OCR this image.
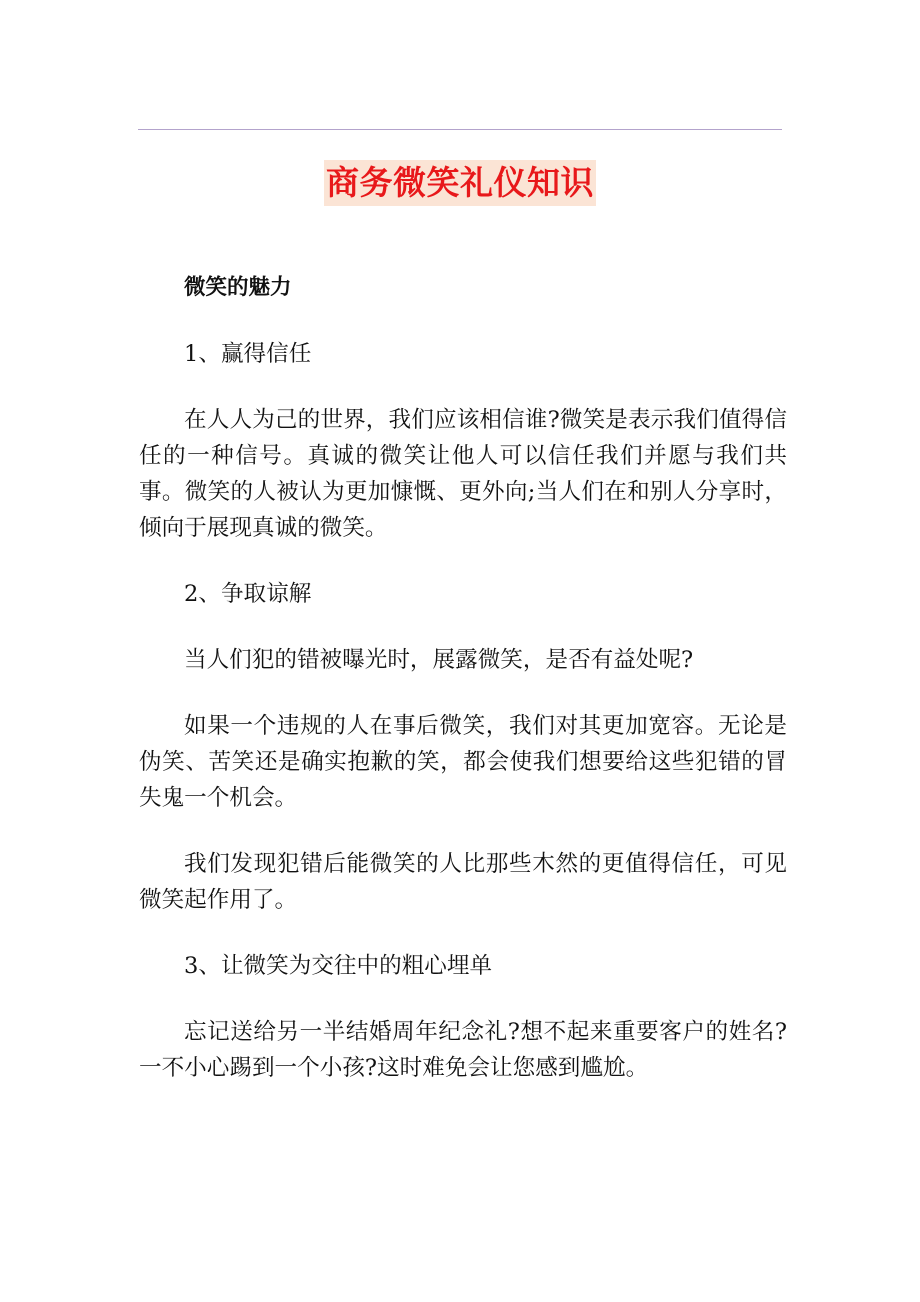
商务微笑礼仪知识

微笑的魅力

1、赢得信任

在人人为己的世界，我们应该相信谁?微笑是表示我们值得信任的一种信号。真诚的微笑让他人可以信任我们并愿与我们共事。微笑的人被认为更加慷慨、更外向;当人们在和别人分享时，倾向于展现真诚的微笑。

2、争取谅解

当人们犯的错被曝光时，展露微笑，是否有益处呢?

如果一个违规的人在事后微笑，我们对其更加宽容。无论是伪笑、苦笑还是确实抱歉的笑，都会使我们想要给这些犯错的冒失鬼一个机会。

我们发现犯错后能微笑的人比那些木然的更值得信任，可见微笑起作用了。

3、让微笑为交往中的粗心埋单

忘记送给另一半结婚周年纪念礼?想不起来重要客户的姓名?一不小心踢到一个小孩?这时难免会让您感到尴尬。
